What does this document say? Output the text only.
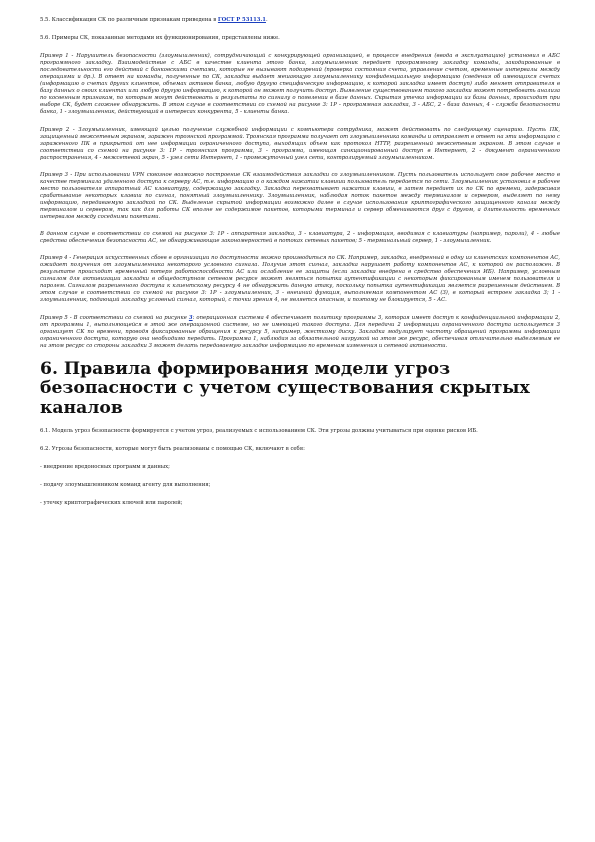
5.5. Классификация СК по различным признакам приведена в ГОСТ Р 53113.1.

5.6. Примеры СК, показанные методами их функционирования, представлены ниже.

Пример 1 - Нарушитель безопасности (злоумышленник), сотрудничающий с конкурирующей организацией, в процессе внедрения (ввода в эксплуатацию) установил в АБС программного закладку. Взаимодействие с АБС в качестве клиента этого банка, злоумышленник передает программному закладку команды, закодированные в последовательности его действий с банковскими счетами, которые не вызывают подозрений (проверка состояния счета, управление счетом, временные интервалы между операциями и др.). В ответ на команды, полученные по СК, закладка выдает мешающую злоумышленнику конфиденциальную информацию (сведения об имеющихся счетах (информацию о счетах других клиентов, объемах активов банка, любую другую специфическую информацию, к которой закладка имеет доступ) либо меняет отправителя в базу данных о своих клиентах или любую другую информацию, к которой он может получить доступ. Выявление существованием такого закладки может потребовать анализа по косвенным признакам, по которым могут действовать и результаты по сигналу о появлении в базе данных. Скрытая утечка информации из базы данных, происходит при выборе СК, будет сложнее обнаружить. В этом случае в соответствии со схемой на рисунке 3: 1Р - программная закладка, 3 - АБС, 2 - база данных, 4 - служба безопасности банка, 1 - злоумышленник, действующий в интересах конкурента, 5 - клиенты банка.

Пример 2 - Злоумышленник, имеющий целью получение служебной информации с компьютера сотрудника, может действовать по следующему сценарию. Пусть ПК, защищенный межсетевым экраном, заражен троянской программой. Троянская программа получает от злоумышленника команды и отправляет в ответ на эти информацию с зараженного ПК в прикрытой от нее информации ограниченного доступа, выходящих объем как протокол HTTP, разрешенный межсетевым экраном. В этом случае в соответствии со схемой на рисунке 3: 1Р - троянская программа, 3 - программа, имеющая санкционированный доступ в Интернет, 2 - документ ограниченного распространения, 4 - межсетевой экран, 5 - узел сети Интернет, 1 - промежуточный узел сети, контролируемый злоумышленником.

Пример 3 - При использовании VPN сквозное возможно построение СК взаимодействия закладки со злоумышленником. Пусть пользователь использует свое рабочее место в качестве терминала удаленного доступа к серверу АС, т.е. информацию о о каждом нажатии клавиши пользователь передается по сети. Злоумышленник установил в рабочее место пользователя аппаратный АС клавиатуру, содержащую закладку. Закладка перехватывает нажатия клавиш, в затем передает их по СК по времени, задерживая срабатывание некоторых клавиш по сигнал, понятный злоумышленнику. Злоумышленник, наблюдая поток пакетов между терминалом и сервером, выделяет по нему информацию, передаваемую закладкой по СК. Выделение скрытой информации возможно далее в случае использования криптографического защищенного канала между терминалом и сервером, так как для работы СК вполне не содержимое пакетов, которыми терминал и сервер обмениваются друг с другом, а длительность временных интервалов между соседними пакетами.

В данном случае в соответствии со схемой на рисунке 3: 1Р - аппаратная закладка, 3 - клавиатура, 2 - информация, вводимая с клавиатуры (например, пароли), 4 - любые средства обеспечения безопасности АС, не обнаруживающие закономерностей в потоках сетевых пакетов; 5 - терминальный сервер, 1 - злоумышленник.

Пример 4 - Генерация искусственных сбоев в организации по доступности можно производиться по СК. Например, закладка, внедренный в одну из клиентских компонентов АС, ожидает получения от злоумышленника некоторого условного сигнала. Получив этот сигнал, закладка нарушает работу компонентов АС, к которой он расположен. В результате происходит временный потеря работоспособности АС или ослабление ее защиты (если закладка внедрена в средство обеспечения ИБ). Например, условным сигналом для активизации закладки в общедоступном сетевом ресурсе может являться попытка аутентификации с некоторым фиксированным именем пользователя и паролем. Сигналом разрешенного доступа к клиентскому ресурсу 4 не обнаружить данную атаку, поскольку попытка аутентификации является разрешенным действием. В этом случае в соответствии со схемой на рисунке 3: 1Р - злоумышленник, 3 - внешний функция, выполняемая компонентом АС (3), в который встроен закладка 3; 1 - злоумышленник, подающий закладку условный сигнал, который, с точки зрения 4, не является опасным, и поэтому не блокируется, 5 - АС.

Пример 5 - В соответствии со схемой на рисунке 3: операционная система 4 обеспечивает политику программы 3, которая имеет доступ к конфиденциальной информации 2, от программы 1, выполняющейся в этой же операционной системе, но не имеющей такого доступа. Для передачи 2 информации ограниченного доступа используется 3 организует СК по времени, проводя фиксированные обращения к ресурсу 5, например, жесткому диску. Закладка модулирует частоту обращений программы информации ограниченного доступа, которую она необходимо передать. Программа 1, наблюдая за обязательной нагрузкой на этом же ресурс, обеспечивая отличительно выделяемым ее на этом ресурс со стороны закладки 3 может делать передаваемую закладке информацию по временам изменения и сетевой активности.

6. Правила формирования модели угроз безопасности с учетом существования скрытых каналов

6.1. Модель угроз безопасности формируется с учетом угроз, реализуемых с использованием СК. Эти угрозы должны учитываться при оценке рисков ИБ.

6.2. Угрозы безопасности, которые могут быть реализованы с помощью СК, включают в себя:

- внедрение вредоносных программ и данных;

- подачу злоумышленником команд агенту для выполнения;

- утечку криптографических ключей или паролей;
